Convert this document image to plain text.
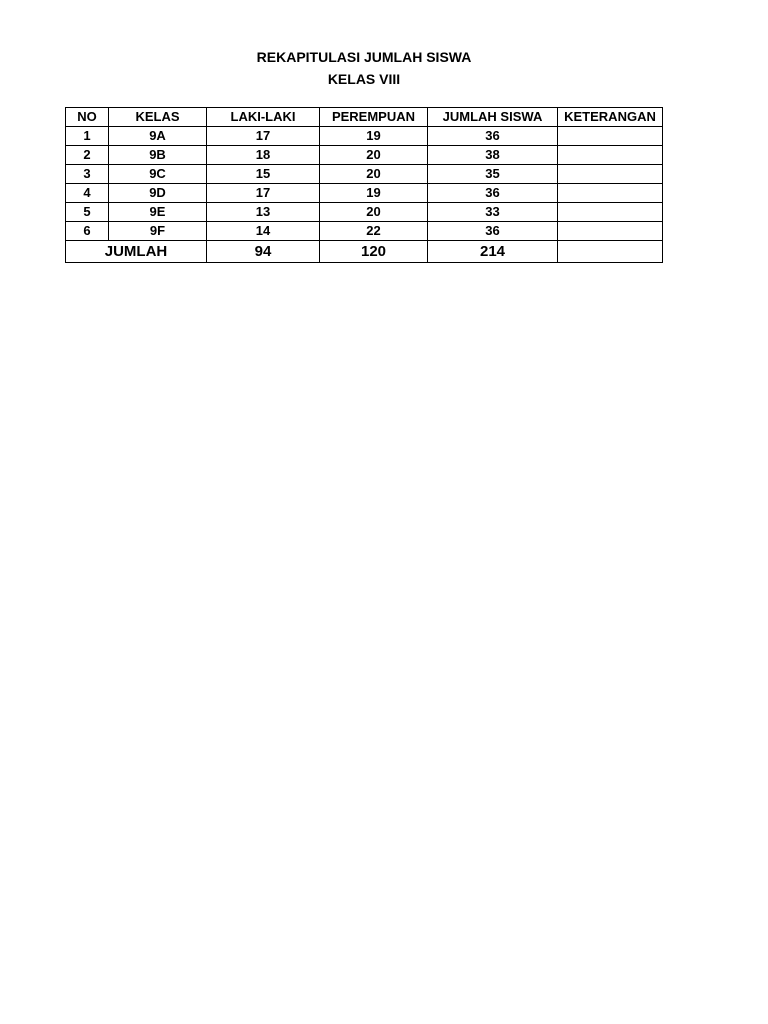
REKAPITULASI JUMLAH SISWA
KELAS VIII
NO	KELAS	LAKI-LAKI	PEREMPUAN	JUMLAH SISWA	KETERANGAN
1	9A	17	19	36	
2	9B	18	20	38	
3	9C	15	20	35	
4	9D	17	19	36	
5	9E	13	20	33	
6	9F	14	22	36	
JUMLAH		94	120	214	
